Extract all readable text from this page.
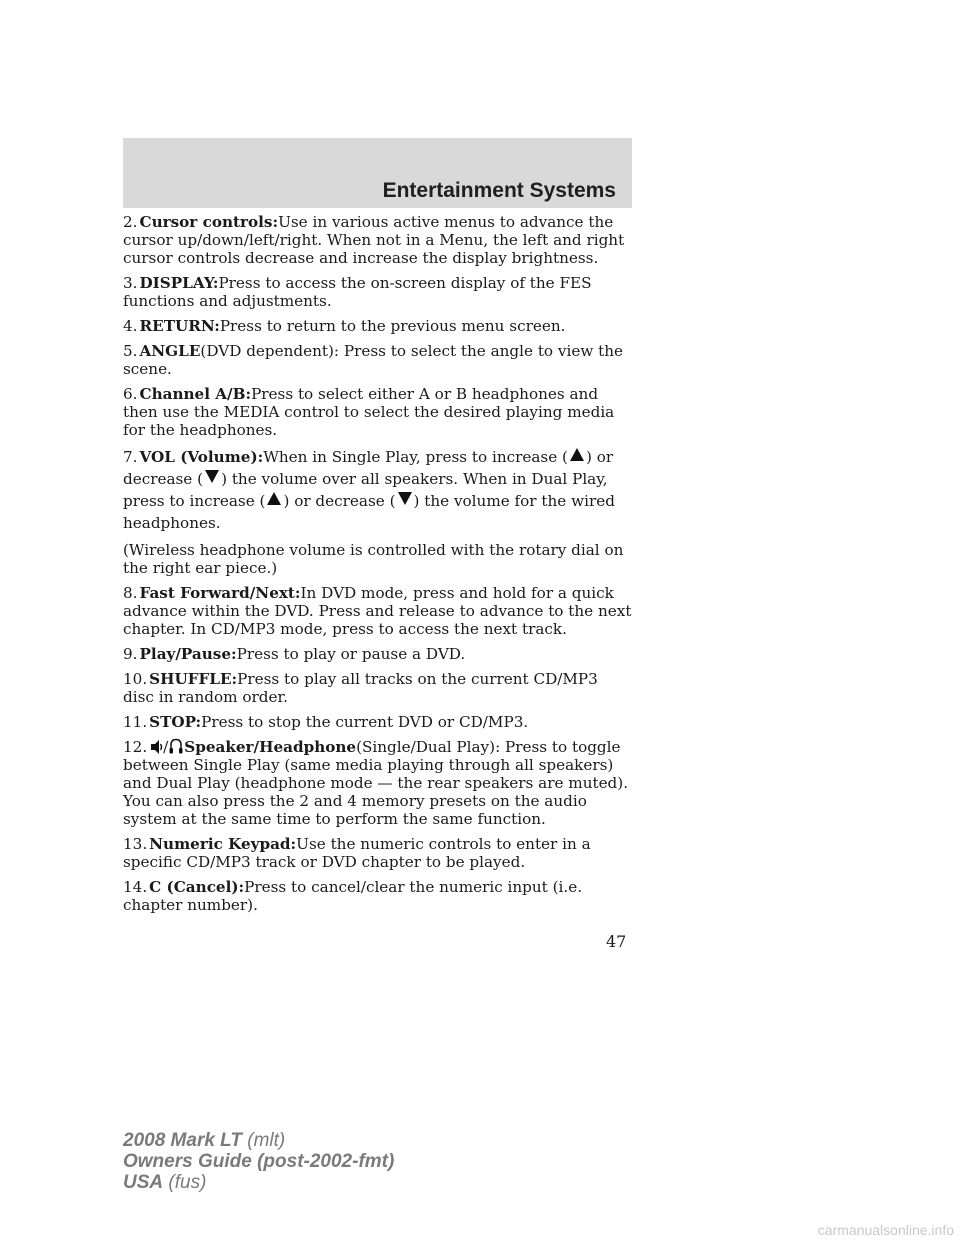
Entertainment Systems

2. Cursor controls:Use in various active menus to advance the cursor up/down/left/right. When not in a Menu, the left and right cursor controls decrease and increase the display brightness.

3. DISPLAY:Press to access the on-screen display of the FES functions and adjustments.

4. RETURN:Press to return to the previous menu screen.

5. ANGLE(DVD dependent): Press to select the angle to view the scene.

6. Channel A/B:Press to select either A or B headphones and then use the MEDIA control to select the desired playing media for the headphones.

7. VOL (Volume):When in Single Play, press to increase ( ) or decrease ( ) the volume over all speakers. When in Dual Play, press to increase ( ) or decrease ( ) the volume for the wired headphones.

(Wireless headphone volume is controlled with the rotary dial on the right ear piece.)

8. Fast Forward/Next:In DVD mode, press and hold for a quick advance within the DVD. Press and release to advance to the next chapter. In CD/MP3 mode, press to access the next track.

9. Play/Pause:Press to play or pause a DVD.

10. SHUFFLE:Press to play all tracks on the current CD/MP3 disc in random order.

11. STOP:Press to stop the current DVD or CD/MP3.

12. / Speaker/Headphone(Single/Dual Play): Press to toggle between Single Play (same media playing through all speakers) and Dual Play (headphone mode — the rear speakers are muted). You can also press the 2 and 4 memory presets on the audio system at the same time to perform the same function.

13. Numeric Keypad:Use the numeric controls to enter in a specific CD/MP3 track or DVD chapter to be played.

14. C (Cancel):Press to cancel/clear the numeric input (i.e. chapter number).

47
2008 Mark LT (mlt)
Owners Guide (post-2002-fmt)
USA (fus)
carmanualsonline.info
